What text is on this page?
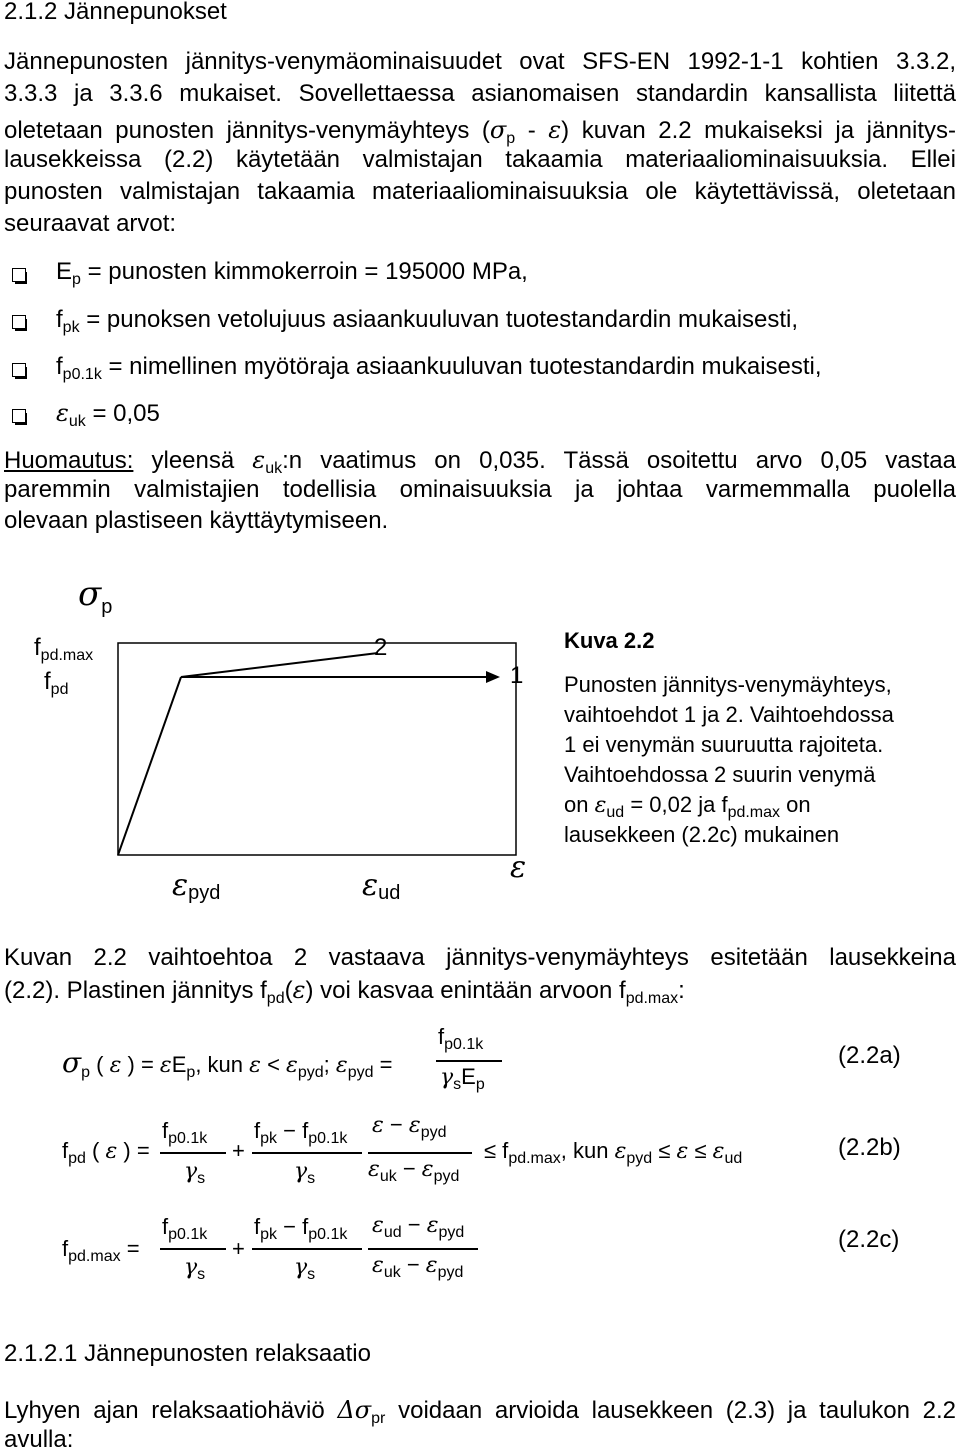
2.1.2 Jännepunokset
Jännepunosten jännitys-venymäominaisuudet ovat SFS-EN 1992-1-1 kohtien 3.3.2,
3.3.3 ja 3.3.6 mukaiset. Sovellettaessa asianomaisen standardin kansallista liitettä
oletetaan punosten jännitys-venymäyhteys $(\sigma_p - \varepsilon)$ kuvan 2.2 mukaiseksi ja jännitys-
lausekkeissa (2.2) käytetään valmistajan takaamia materiaaliominaisuuksia. Ellei
punosten valmistajan takaamia materiaaliominaisuuksia ole käytettävissä, oletetaan
seuraavat arvot:
$E_p$ = punosten kimmokerroin = 195000 MPa,
$f_{pk}$ = punoksen vetolujuus asiaankuuluvan tuotestandardin mukaisesti,
$f_{p0.1k}$ = nimellinen myötöraja asiaankuuluvan tuotestandardin mukaisesti,
$\varepsilon_{uk} = 0,05$
Huomautus: yleensä $\varepsilon_{uk}:n$ vaatimus on 0,035. Tässä osoitettu arvo 0,05 vastaa
paremmin valmistajien todellisia ominaisuuksia ja johtaa varmemmalla puolella
olevaan plastiseen käyttäytymiseen.
$\sigma_p$
$f_{pd.max}$
$f_{pd}$
2
1
ε
εpyd	εud
Kuva 2.2
Punosten jännitys-venymäyhteys,
vaihtoehdot 1 ja 2. Vaihtoehdossa
1 ei venymän suuruutta rajoiteta.
Vaihtoehdossa 2 suurin venymä
on $\varepsilon_{ud} = 0,02$ ja $f_{pd.max}$ on
lausekkeen (2.2c) mukainen
Kuvan 2.2 vaihtoehtoa 2 vastaava jännitys-venymäyhteys esitetään lausekkeina
(2.2). Plastinen jännitys $f_{pd}(\varepsilon)$ voi kasvaa enintään arvoon $f_{pd.max}$:
$\sigma_p$ ( ε ) = $\varepsilon E_p$, kun $\varepsilon < \varepsilon_{pyd}$; $\varepsilon_{pyd}$ =
$f_{p0.1k}$
$\gamma_sE_p$
(2.2a)
$f_{pd}$ ( ε ) =
$f_{p0.1k}$
$\gamma_s$
+
$f_{pk} - f_{p0.1k}$
$\gamma_s$
$\varepsilon - \varepsilon_{pyd}$
$\varepsilon_{uk} - \varepsilon_{pyd}$
≤ $f_{pd.max}$, kun $\varepsilon_{pyd} \le \varepsilon \le \varepsilon_{ud}$	(2.2b)
$f_{pd.max}$ =
$f_{p0.1k}$
$\gamma_s$
+
$f_{pk} - f_{p0.1k}$
$\gamma_s$
$\varepsilon_{ud} - \varepsilon_{pyd}$
$\varepsilon_{uk} - \varepsilon_{pyd}$
(2.2c)
2.1.2.1 Jännepunosten relaksaatio
Lyhyen ajan relaksaatiohäviö $\Delta\sigma_{pr}$ voidaan arvioida lausekkeen (2.3) ja taulukon 2.2
avulla:
